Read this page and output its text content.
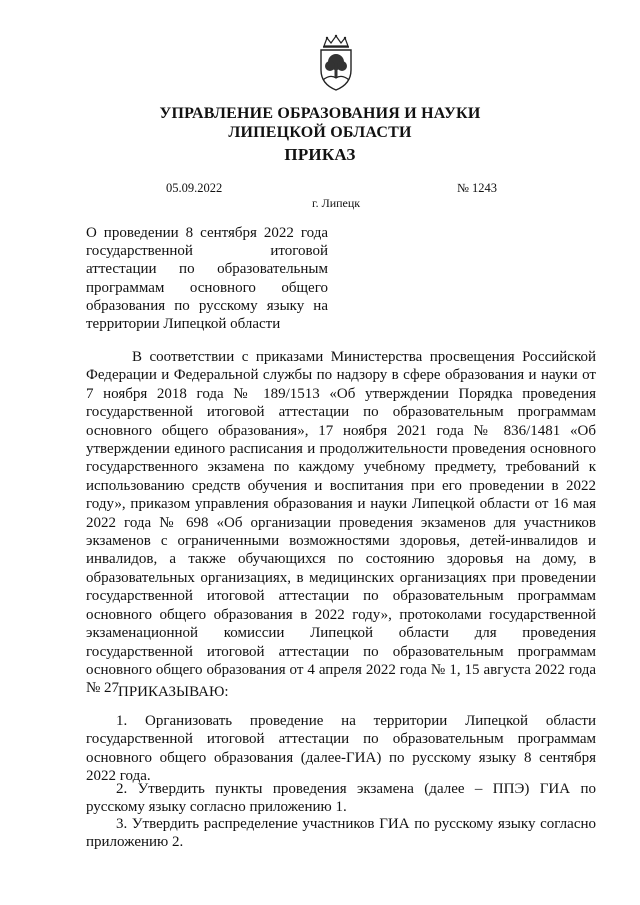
УПРАВЛЕНИЕ ОБРАЗОВАНИЯ И НАУКИ
ЛИПЕЦКОЙ ОБЛАСТИ
ПРИКАЗ
05.09.2022	№ 1243
г. Липецк
О проведении 8 сентября 2022 года государственной итоговой аттестации по образовательным программам основного общего образования по русскому языку на территории Липецкой области
В соответствии с приказами Министерства просвещения Российской Федерации и Федеральной службы по надзору в сфере образования и науки от 7 ноября 2018 года № 189/1513 «Об утверждении Порядка проведения государственной итоговой аттестации по образовательным программам основного общего образования», 17 ноября 2021 года № 836/1481 «Об утверждении единого расписания и продолжительности проведения основного государственного экзамена по каждому учебному предмету, требований к использованию средств обучения и воспитания при его проведении в 2022 году», приказом управления образования и науки Липецкой области от 16 мая 2022 года № 698 «Об организации проведения экзаменов для участников экзаменов с ограниченными возможностями здоровья, детей-инвалидов и инвалидов, а также обучающихся по состоянию здоровья на дому, в образовательных организациях, в медицинских организациях при проведении государственной итоговой аттестации по образовательным программам основного общего образования в 2022 году», протоколами государственной экзаменационной комиссии Липецкой области для проведения государственной итоговой аттестации по образовательным программам основного общего образования от 4 апреля 2022 года № 1, 15 августа 2022 года № 27
ПРИКАЗЫВАЮ:
1. Организовать проведение на территории Липецкой области государственной итоговой аттестации по образовательным программам основного общего образования (далее-ГИА) по русскому языку 8 сентября 2022 года.
2. Утвердить пункты проведения экзамена (далее – ППЭ) ГИА по русскому языку согласно приложению 1.
3. Утвердить распределение участников ГИА по русскому языку согласно приложению 2.
